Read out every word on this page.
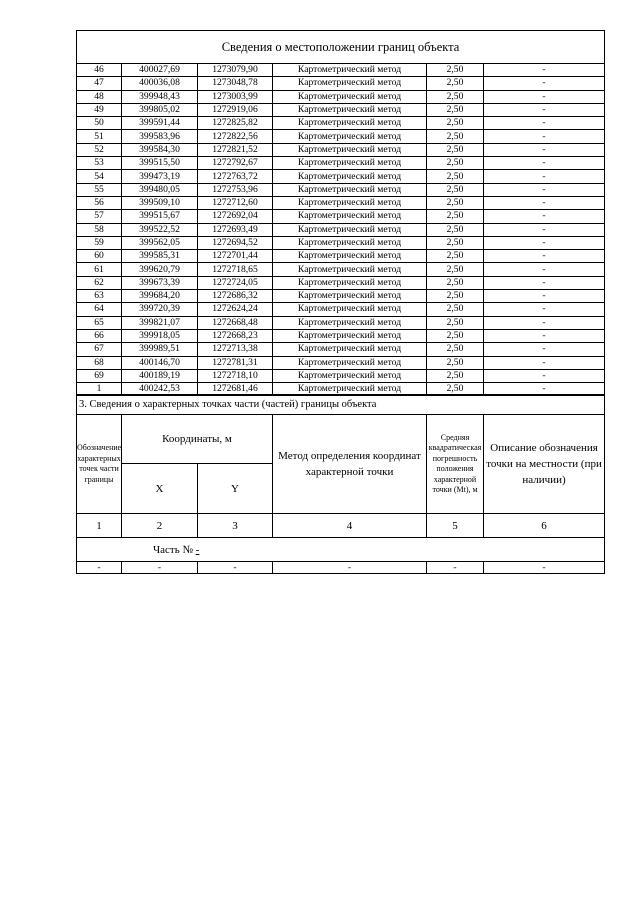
Сведения о местоположении границ объекта					
46	400027,69	1273079,90	Картометрический метод	2,50	-
47	400036,08	1273048,78	Картометрический метод	2,50	-
48	399948,43	1273003,99	Картометрический метод	2,50	-
49	399805,02	1272919,06	Картометрический метод	2,50	-
50	399591,44	1272825,82	Картометрический метод	2,50	-
51	399583,96	1272822,56	Картометрический метод	2,50	-
52	399584,30	1272821,52	Картометрический метод	2,50	-
53	399515,50	1272792,67	Картометрический метод	2,50	-
54	399473,19	1272763,72	Картометрический метод	2,50	-
55	399480,05	1272753,96	Картометрический метод	2,50	-
56	399509,10	1272712,60	Картометрический метод	2,50	-
57	399515,67	1272692,04	Картометрический метод	2,50	-
58	399522,52	1272693,49	Картометрический метод	2,50	-
59	399562,05	1272694,52	Картометрический метод	2,50	-
60	399585,31	1272701,44	Картометрический метод	2,50	-
61	399620,79	1272718,65	Картометрический метод	2,50	-
62	399673,39	1272724,05	Картометрический метод	2,50	-
63	399684,20	1272686,32	Картометрический метод	2,50	-
64	399720,39	1272624,24	Картометрический метод	2,50	-
65	399821,07	1272668,48	Картометрический метод	2,50	-
66	399918,05	1272668,23	Картометрический метод	2,50	-
67	399989,51	1272713,38	Картометрический метод	2,50	-
68	400146,70	1272781,31	Картометрический метод	2,50	-
69	400189,19	1272718,10	Картометрический метод	2,50	-
1	400242,53	1272681,46	Картометрический метод	2,50	-
3. Сведения о характерных точках части (частей) границы объекта					
Обозначение характерных точек части границы	Координаты, м		Метод определения координат характерной точки	Средняя квадратическая погрешность положения характерной точки (Mt), м	Описание обозначения точки на местности (при наличии)
	X	Y			
1	2	3	4	5	6
Часть № -					
-	-	-	-	-	-
